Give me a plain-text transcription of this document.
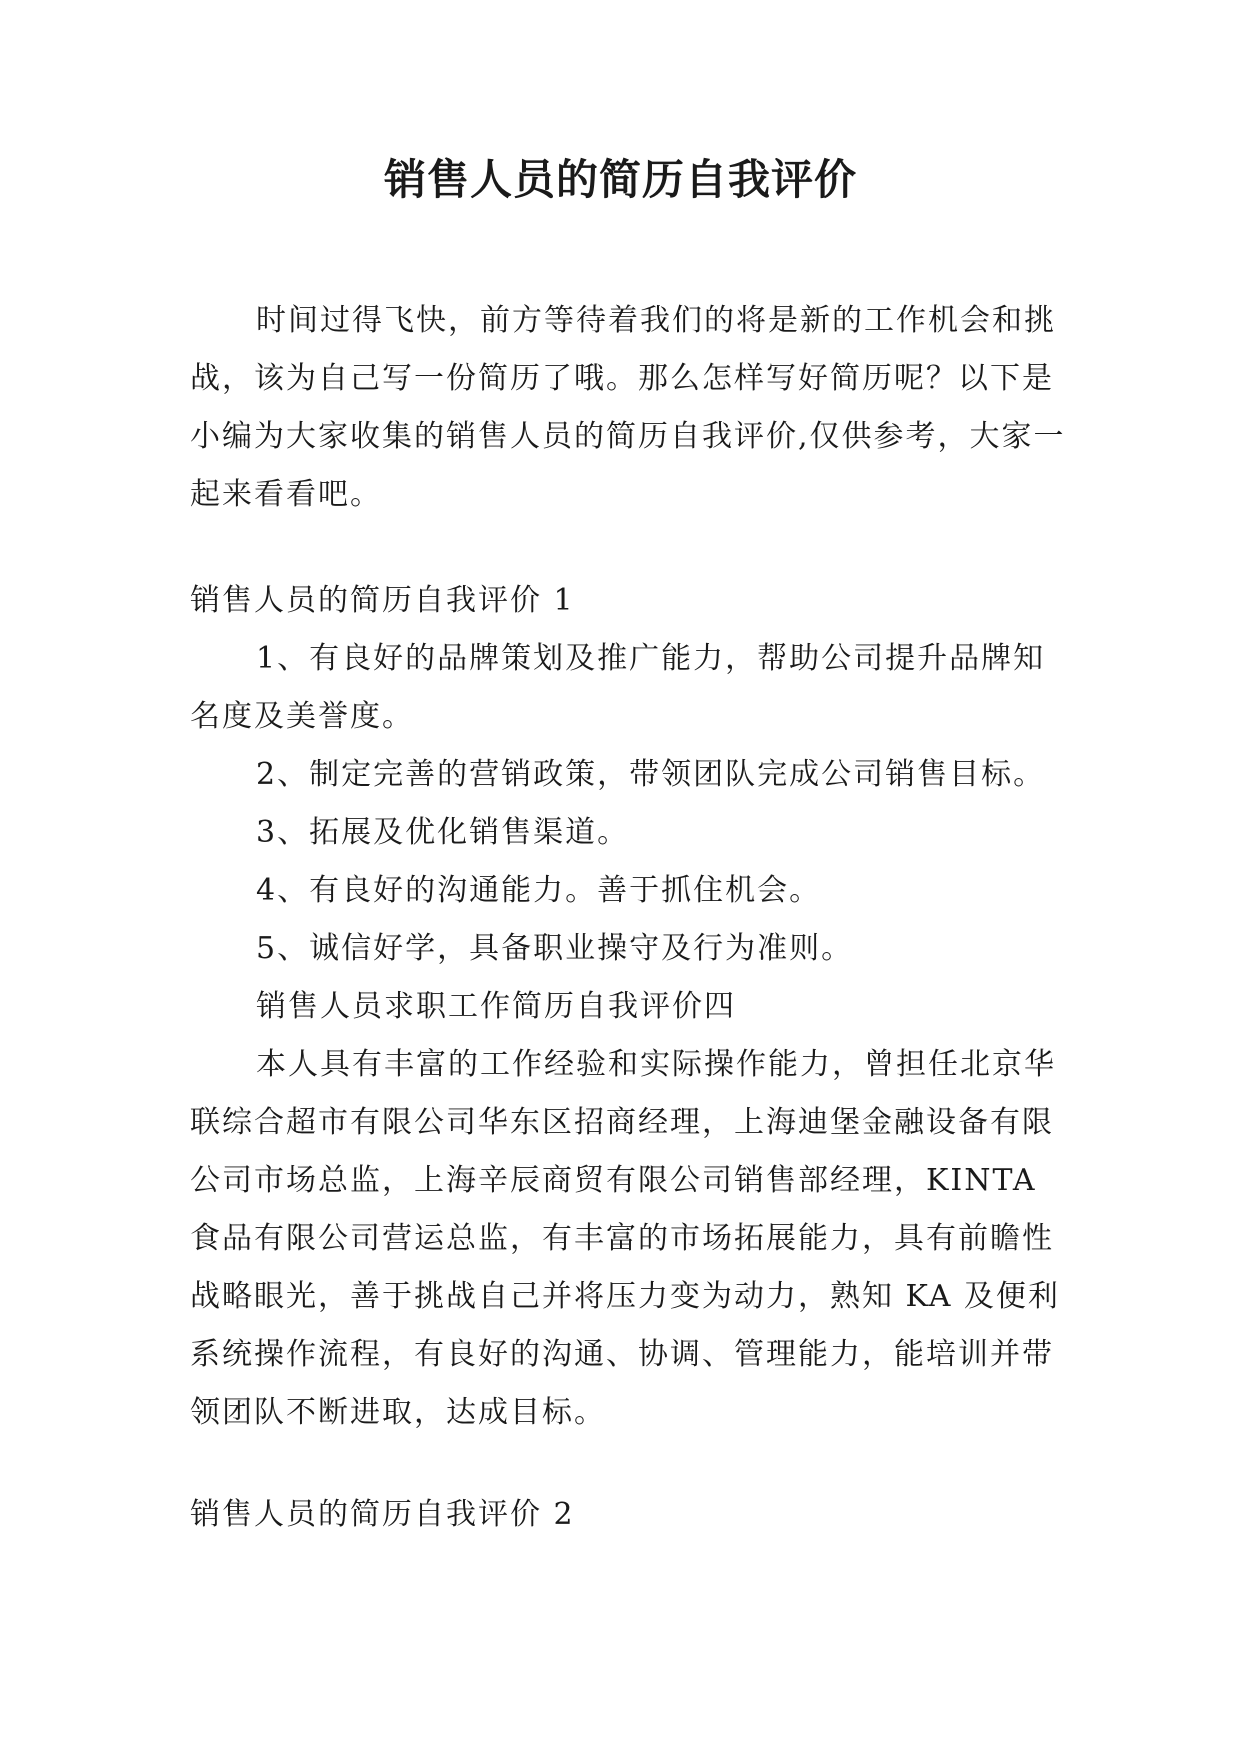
销售人员的简历自我评价

时间过得飞快，前方等待着我们的将是新的工作机会和挑战，该为自己写一份简历了哦。那么怎样写好简历呢？以下是小编为大家收集的销售人员的简历自我评价,仅供参考，大家一起来看看吧。

销售人员的简历自我评价 1

1、有良好的品牌策划及推广能力，帮助公司提升品牌知名度及美誉度。

2、制定完善的营销政策，带领团队完成公司销售目标。

3、拓展及优化销售渠道。

4、有良好的沟通能力。善于抓住机会。

5、诚信好学，具备职业操守及行为准则。

销售人员求职工作简历自我评价四

本人具有丰富的工作经验和实际操作能力，曾担任北京华联综合超市有限公司华东区招商经理，上海迪堡金融设备有限公司市场总监，上海辛辰商贸有限公司销售部经理，KINTA 食品有限公司营运总监，有丰富的市场拓展能力，具有前瞻性战略眼光，善于挑战自己并将压力变为动力，熟知 KA 及便利系统操作流程，有良好的沟通、协调、管理能力，能培训并带领团队不断进取，达成目标。

销售人员的简历自我评价 2
